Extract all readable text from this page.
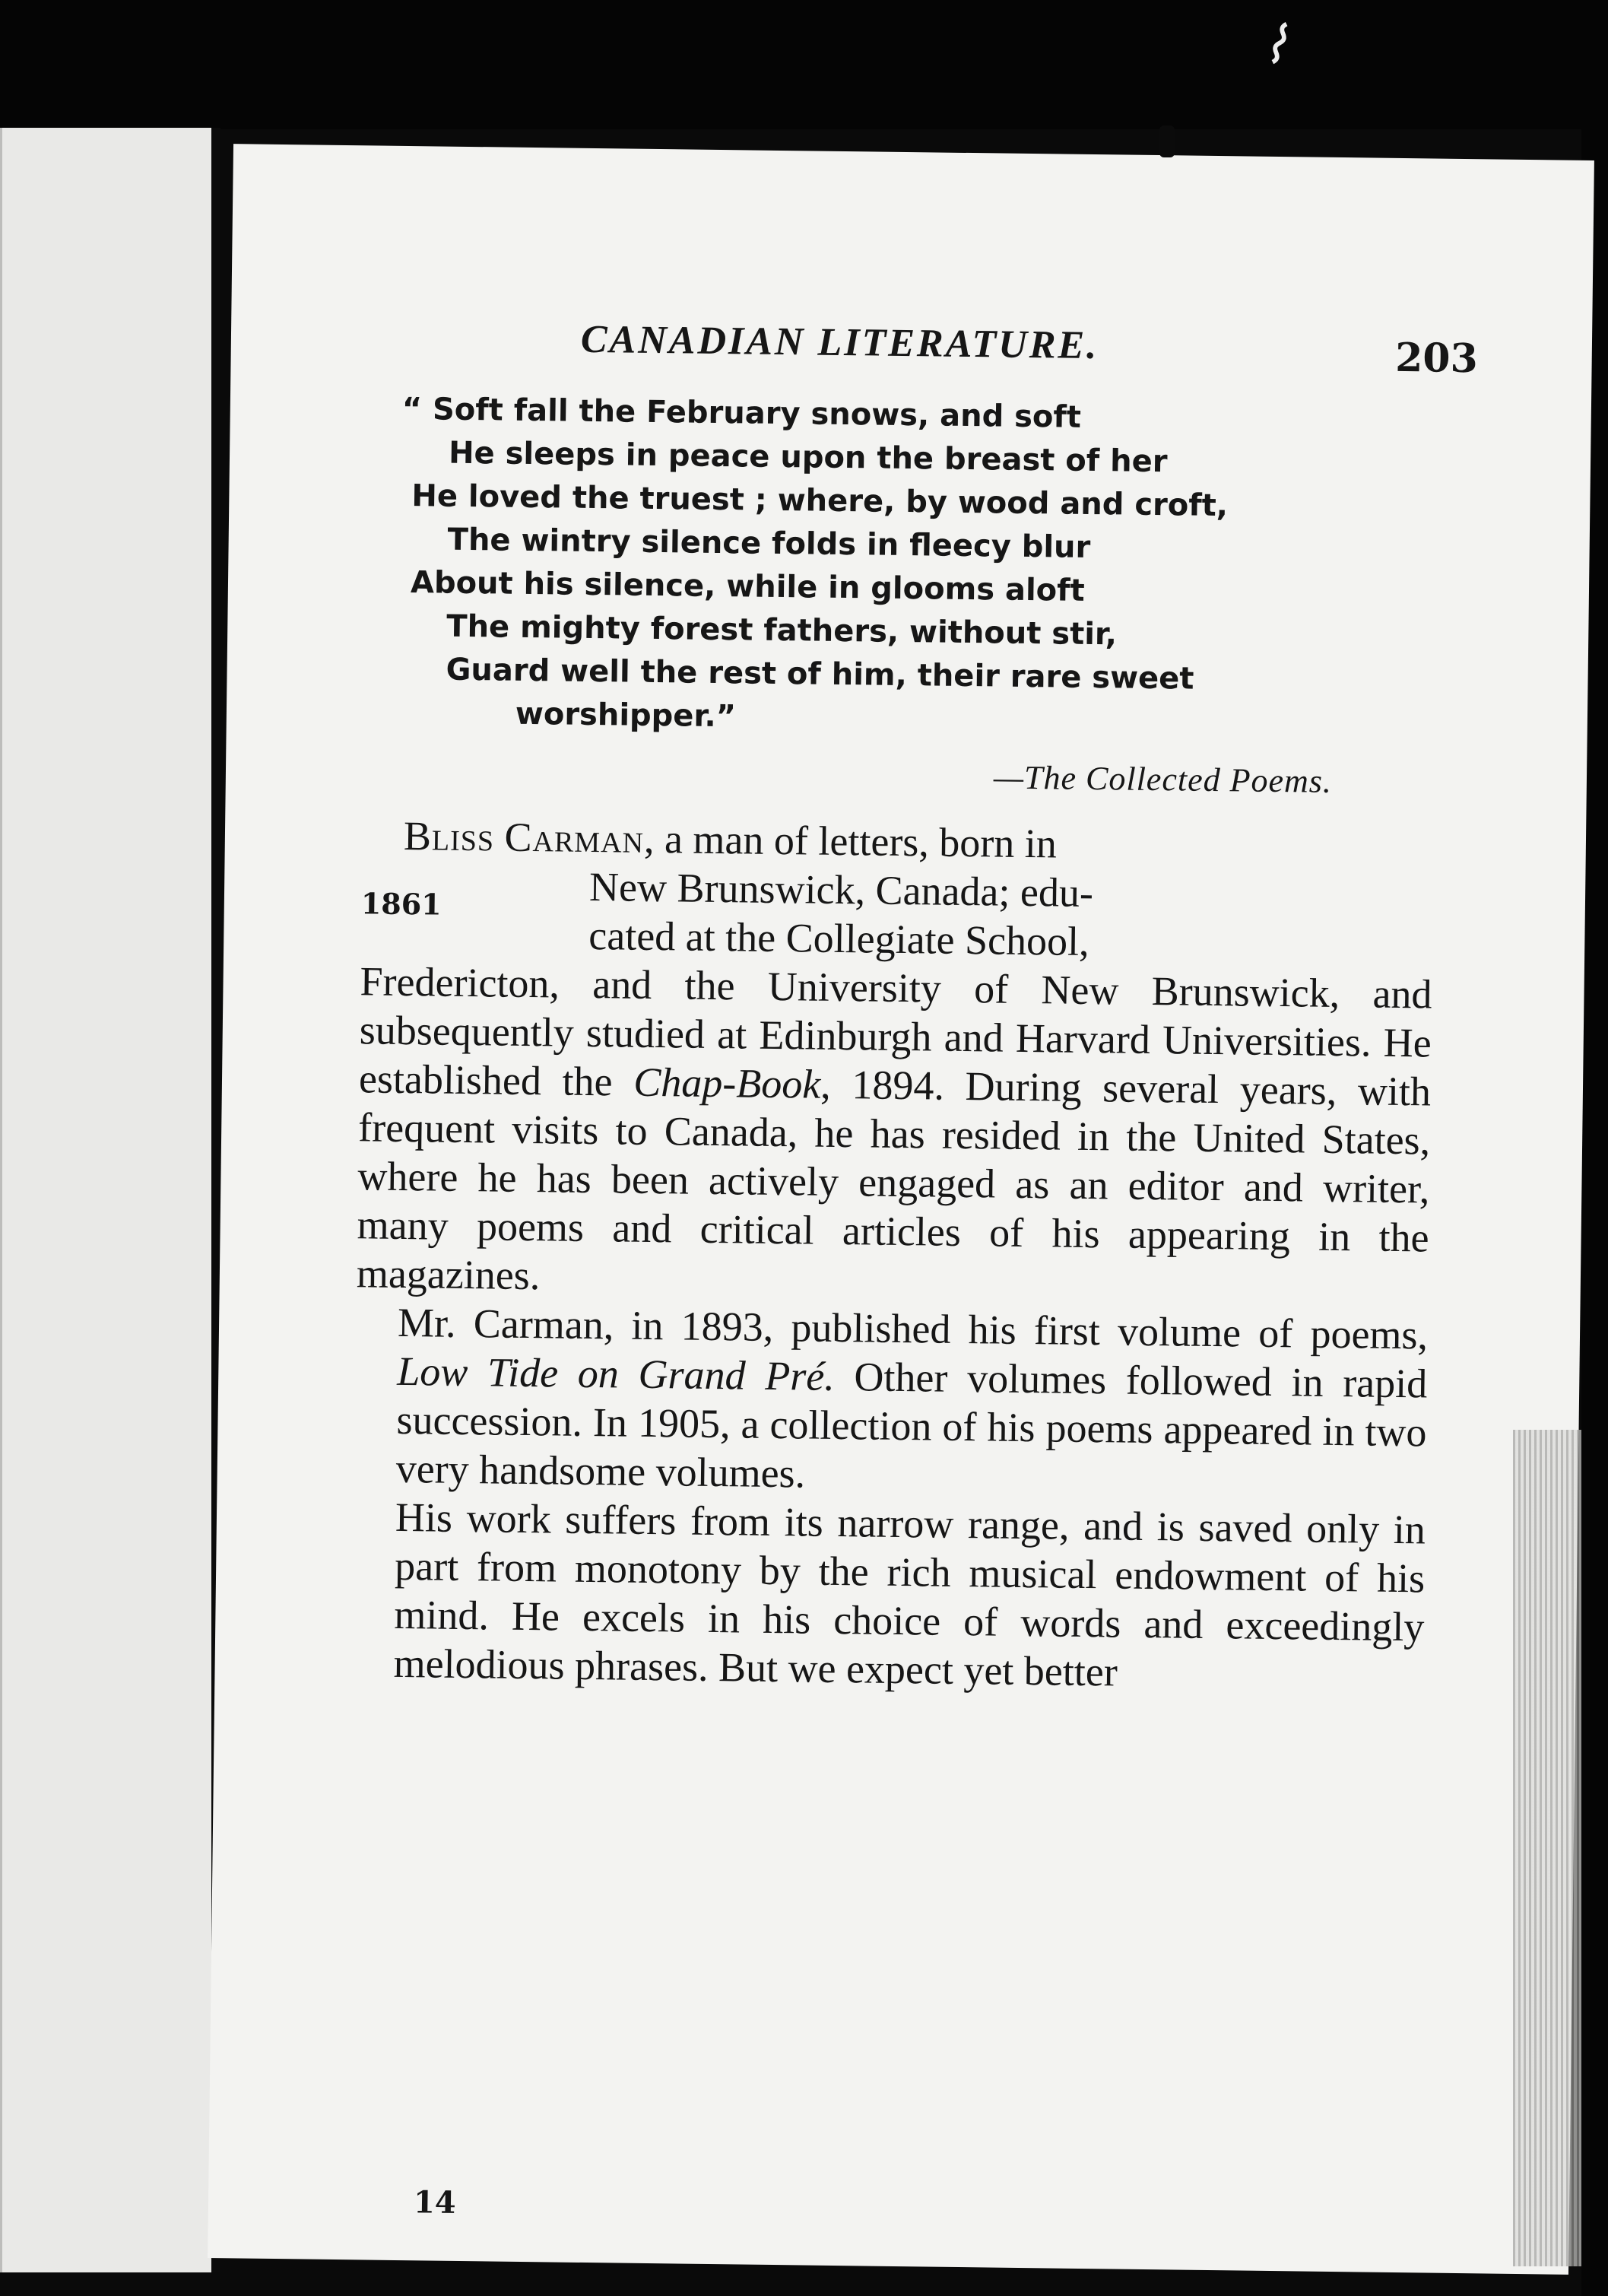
⌇
CANADIAN LITERATURE.	203
“ Soft fall the February snows, and soft
He sleeps in peace upon the breast of her
He loved the truest ; where, by wood and croft,
The wintry silence folds in fleecy blur
About his silence, while in glooms aloft
The mighty forest fathers, without stir,
Guard well the rest of him, their rare sweet
worshipper.”
—The Collected Poems.
1861

Bliss Carman, a man of letters, born in
New Brunswick, Canada; edu-
cated at the Collegiate School,
Fredericton, and the University of New Brunswick, and subsequently studied at Edinburgh and Harvard Universities. He established the Chap-Book, 1894. During several years, with frequent visits to Canada, he has resided in the United States, where he has been actively engaged as an editor and writer, many poems and critical articles of his appearing in the magazines.

Mr. Carman, in 1893, published his first volume of poems, Low Tide on Grand Pré. Other volumes followed in rapid succession. In 1905, a collection of his poems appeared in two very handsome volumes.

His work suffers from its narrow range, and is saved only in part from monotony by the rich musical endowment of his mind. He excels in his choice of words and exceedingly melodious phrases. But we expect yet better

14
